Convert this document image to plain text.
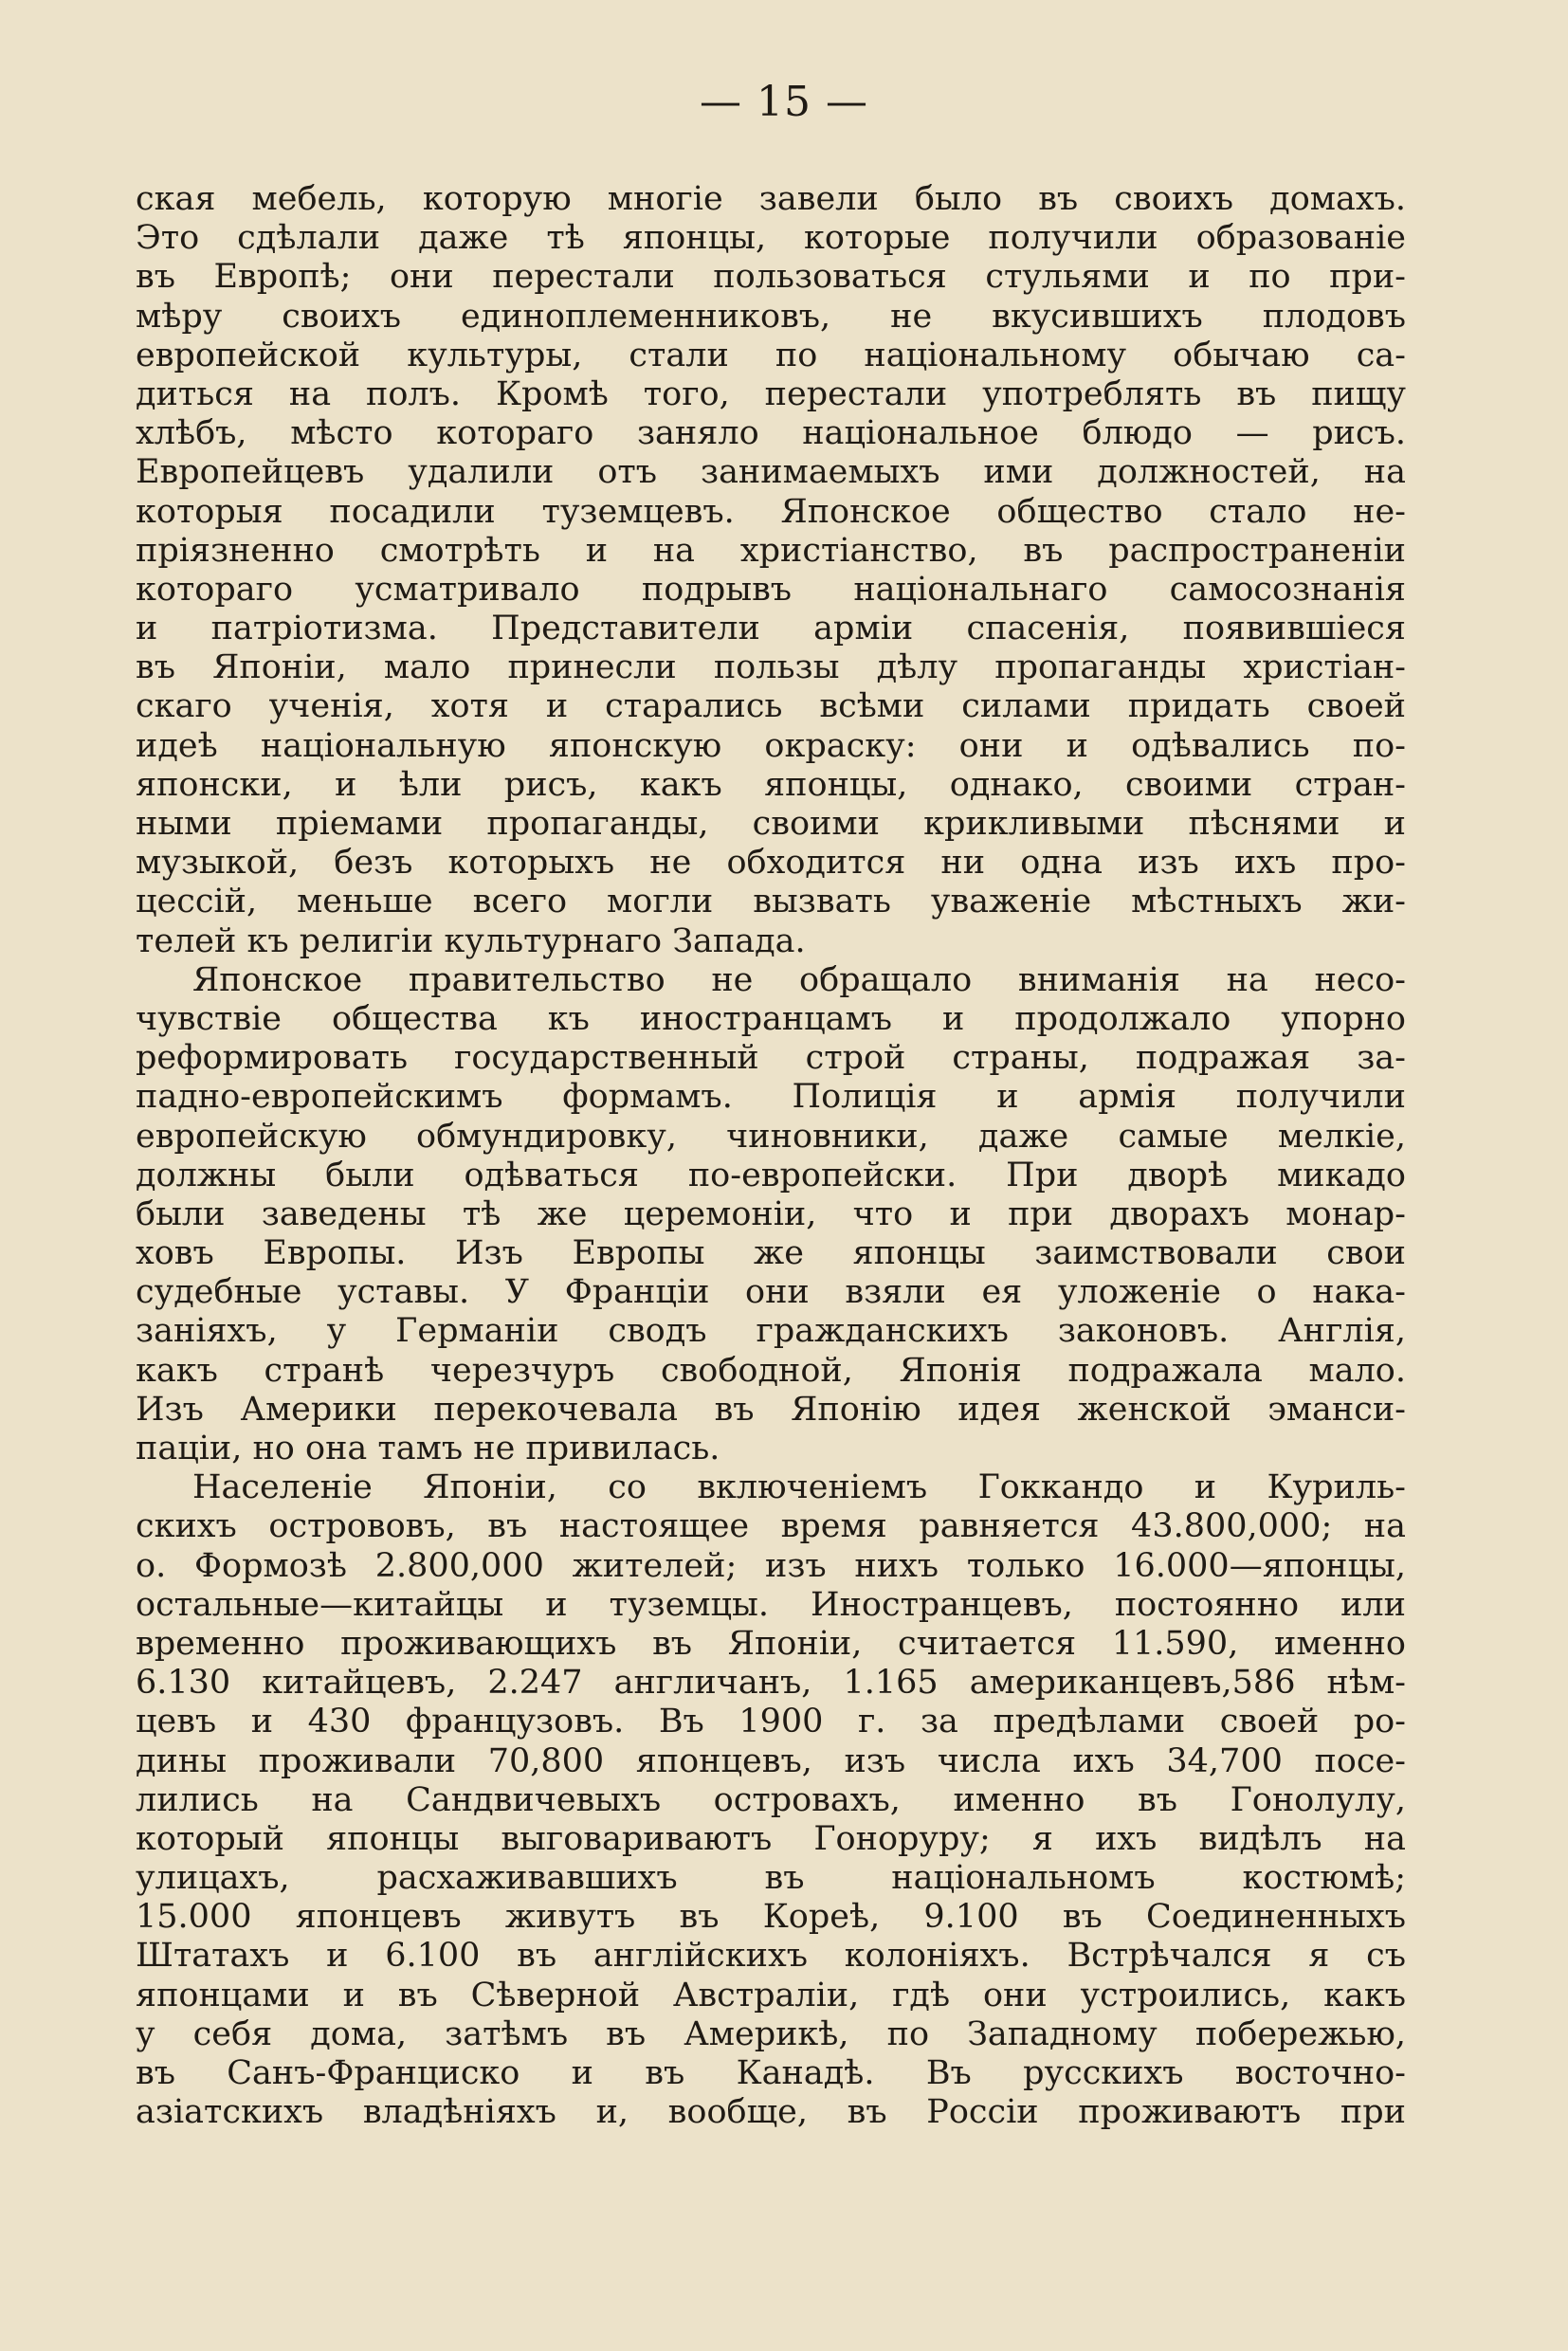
— 15 —
ская мебель, которую многіе завели было въ своихъ домахъ.
Это сдѣлали даже тѣ японцы, которые получили образованіе
въ Европѣ; они перестали пользоваться стульями и по при-
мѣру своихъ единоплеменниковъ, не вкусившихъ плодовъ
европейской культуры, стали по національному обычаю са-
диться на полъ. Кромѣ того, перестали употреблять въ пищу
хлѣбъ, мѣсто котораго заняло національное блюдо — рисъ.
Европейцевъ удалили отъ занимаемыхъ ими должностей, на
которыя посадили туземцевъ. Японское общество стало не-
пріязненно смотрѣть и на христіанство, въ распространеніи
котораго усматривало подрывъ національнаго самосознанія
и патріотизма. Представители арміи спасенія, появившіеся
въ Японіи, мало принесли пользы дѣлу пропаганды христіан-
скаго ученія, хотя и старались всѣми силами придать своей
идеѣ національную японскую окраску: они и одѣвались по-
японски, и ѣли рисъ, какъ японцы, однако, своими стран-
ными пріемами пропаганды, своими крикливыми пѣснями и
музыкой, безъ которыхъ не обходится ни одна изъ ихъ про-
цессій, меньше всего могли вызвать уваженіе мѣстныхъ жи-
телей къ религіи культурнаго Запада.
Японское правительство не обращало вниманія на несо-
чувствіе общества къ иностранцамъ и продолжало упорно
реформировать государственный строй страны, подражая за-
падно-европейскимъ формамъ. Полиція и армія получили
европейскую обмундировку, чиновники, даже самые мелкіе,
должны были одѣваться по-европейски. При дворѣ микадо
были заведены тѣ же церемоніи, что и при дворахъ монар-
ховъ Европы. Изъ Европы же японцы заимствовали свои
судебные уставы. У Франціи они взяли ея уложеніе о нака-
заніяхъ, у Германіи сводъ гражданскихъ законовъ. Англія,
какъ странѣ черезчуръ свободной, Японія подражала мало.
Изъ Америки перекочевала въ Японію идея женской эманси-
паціи, но она тамъ не привилась.
Населеніе Японіи, со включеніемъ Гоккандо и Куриль-
скихъ острововъ, въ настоящее время равняется 43.800,000; на
о. Формозѣ 2.800,000 жителей; изъ нихъ только 16.000—японцы,
остальные—китайцы и туземцы. Иностранцевъ, постоянно или
временно проживающихъ въ Японіи, считается 11.590, именно
6.130 китайцевъ, 2.247 англичанъ, 1.165 американцевъ,586 нѣм-
цевъ и 430 французовъ. Въ 1900 г. за предѣлами своей ро-
дины проживали 70,800 японцевъ, изъ числа ихъ 34,700 посе-
лились на Сандвичевыхъ островахъ, именно въ Гонолулу,
который японцы выговариваютъ Гоноруру; я ихъ видѣлъ на
улицахъ, расхаживавшихъ въ національномъ костюмѣ;
15.000 японцевъ живутъ въ Кореѣ, 9.100 въ Соединенныхъ
Штатахъ и 6.100 въ англійскихъ колоніяхъ. Встрѣчался я съ
японцами и въ Сѣверной Австраліи, гдѣ они устроились, какъ
у себя дома, затѣмъ въ Америкѣ, по Западному побережью,
въ Санъ-Франциско и въ Канадѣ. Въ русскихъ восточно-
азіатскихъ владѣніяхъ и, вообще, въ Россіи проживаютъ при
